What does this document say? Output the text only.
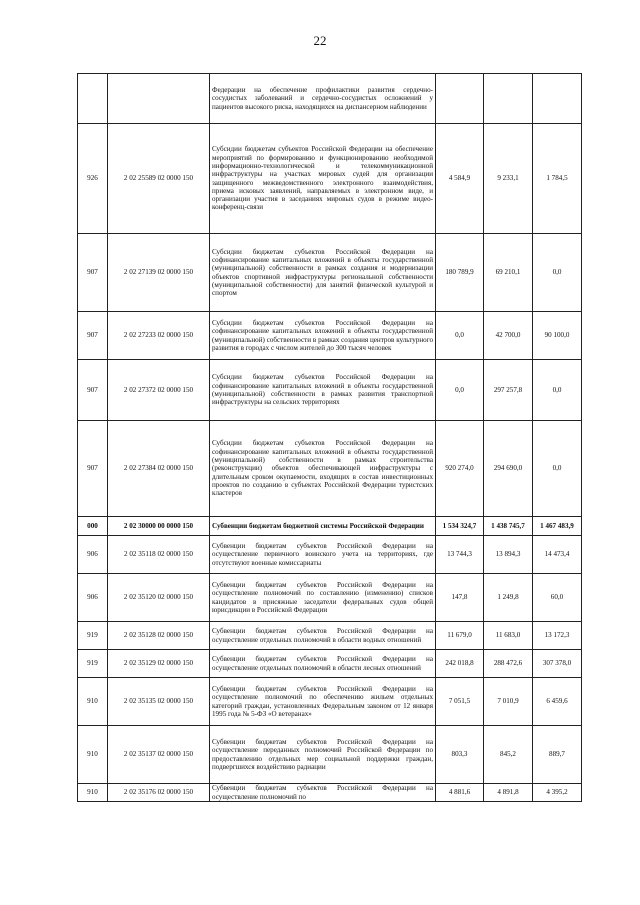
22
		Федерации на обеспечение профилактики развития сердечно-сосудистых заболеваний и сердечно-сосудистых осложнений у пациентов высокого риска, находящихся на диспансерном наблюдении			
926	2 02 25589 02 0000 150	Субсидии бюджетам субъектов Российской Федерации на обеспечение мероприятий по формированию и функционированию необходимой информационно-технологической и телекоммуникационной инфраструктуры на участках мировых судей для организации защищенного межведомственного электронного взаимодействия, приема исковых заявлений, направляемых в электронном виде, и организации участия в заседаниях мировых судов в режиме видео-конференц-связи	4 584,9	9 233,1	1 784,5
907	2 02 27139 02 0000 150	Субсидии бюджетам субъектов Российской Федерации на софинансирование капитальных вложений в объекты государственной (муниципальной) собственности в рамках создания и модернизации объектов спортивной инфраструктуры региональной собственности (муниципальной собственности) для занятий физической культурой и спортом	180 789,9	69 210,1	0,0
907	2 02 27233 02 0000 150	Субсидии бюджетам субъектов Российской Федерации на софинансирование капитальных вложений в объекты государственной (муниципальной) собственности в рамках создания центров культурного развития в городах с числом жителей до 300 тысяч человек	0,0	42 700,0	90 100,0
907	2 02 27372 02 0000 150	Субсидии бюджетам субъектов Российской Федерации на софинансирование капитальных вложений в объекты государственной (муниципальной) собственности в рамках развития транспортной инфраструктуры на сельских территориях	0,0	297 257,8	0,0
907	2 02 27384 02 0000 150	Субсидии бюджетам субъектов Российской Федерации на софинансирование капитальных вложений в объекты государственной (муниципальной) собственности в рамках строительства (реконструкции) объектов обеспечивающей инфраструктуры с длительным сроком окупаемости, входящих в состав инвестиционных проектов по созданию в субъектах Российской Федерации туристских кластеров	920 274,0	294 690,0	0,0
000	2 02 30000 00 0000 150	Субвенции бюджетам бюджетной системы Российской Федерации	1 534 324,7	1 438 745,7	1 467 483,9
906	2 02 35118 02 0000 150	Субвенции бюджетам субъектов Российской Федерации на осуществление первичного воинского учета на территориях, где отсутствуют военные комиссариаты	13 744,3	13 894,3	14 473,4
906	2 02 35120 02 0000 150	Субвенции бюджетам субъектов Российской Федерации на осуществление полномочий по составлению (изменению) списков кандидатов в присяжные заседатели федеральных судов общей юрисдикции в Российской Федерации	147,8	1 249,8	60,0
919	2 02 35128 02 0000 150	Субвенции бюджетам субъектов Российской Федерации на осуществление отдельных полномочий в области водных отношений	11 679,0	11 683,0	13 172,3
919	2 02 35129 02 0000 150	Субвенции бюджетам субъектов Российской Федерации на осуществление отдельных полномочий в области лесных отношений	242 018,8	288 472,6	307 378,0
910	2 02 35135 02 0000 150	Субвенции бюджетам субъектов Российской Федерации на осуществление полномочий по обеспечению жильем отдельных категорий граждан, установленных Федеральным законом от 12 января 1995 года № 5-ФЗ «О ветеранах»	7 051,5	7 010,9	6 459,6
910	2 02 35137 02 0000 150	Субвенции бюджетам субъектов Российской Федерации на осуществление переданных полномочий Российской Федерации по предоставлению отдельных мер социальной поддержки граждан, подвергшихся воздействию радиации	803,3	845,2	889,7
910	2 02 35176 02 0000 150	Субвенции бюджетам субъектов Российской Федерации на осуществление полномочий по	4 881,6	4 891,8	4 395,2
